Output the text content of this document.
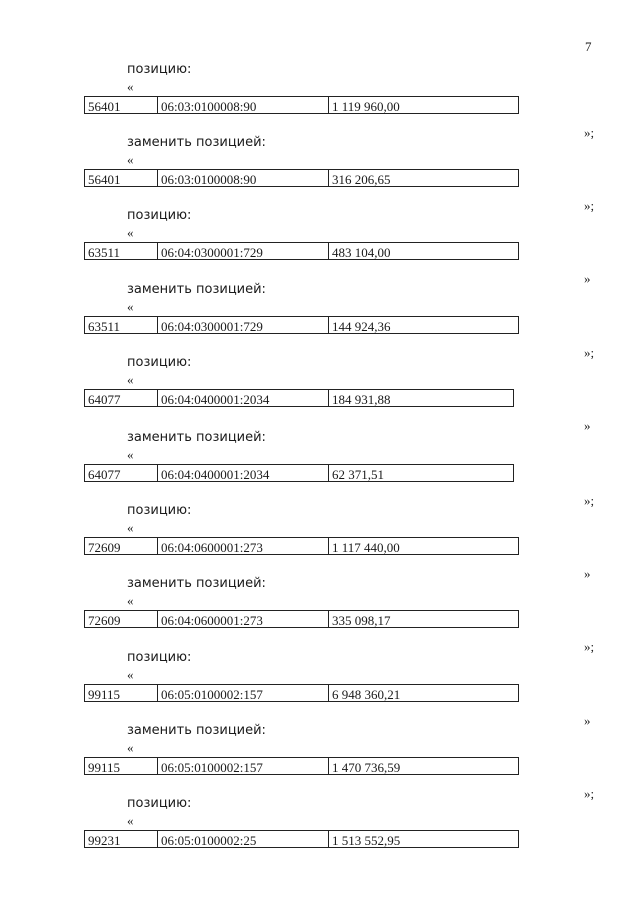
7
позицию:
«
56401	06:03:0100008:90	1 119 960,00
»;
заменить позицией:
«
56401	06:03:0100008:90	316 206,65
»;
позицию:
«
63511	06:04:0300001:729	483 104,00
»
заменить позицией:
«
63511	06:04:0300001:729	144 924,36
»;
позицию:
«
64077	06:04:0400001:2034	184 931,88
»
заменить позицией:
«
64077	06:04:0400001:2034	62 371,51
»;
позицию:
«
72609	06:04:0600001:273	1 117 440,00
»
заменить позицией:
«
72609	06:04:0600001:273	335 098,17
»;
позицию:
«
99115	06:05:0100002:157	6 948 360,21
»
заменить позицией:
«
99115	06:05:0100002:157	1 470 736,59
»;
позицию:
«
99231	06:05:0100002:25	1 513 552,95
